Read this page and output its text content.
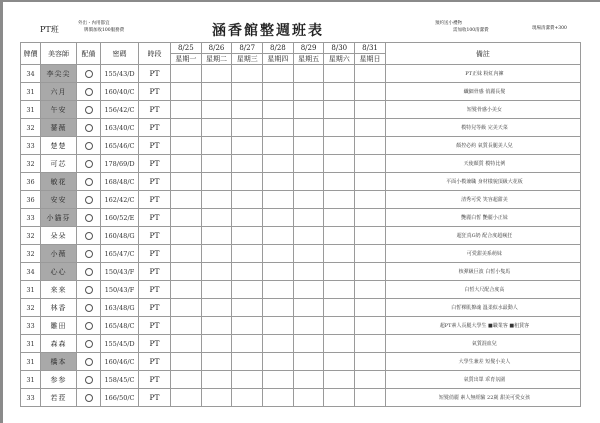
PT班
外出・內用都宜
牌價加收100服務費	涵香館整週班表	預約送小禮物
需加收100清潔費	現場清潔費+300
牌價	美容師	配備	密碼	時段	8/25	8/26	8/27	8/28	8/29	8/30	8/31	備註
					星期一	星期二	星期三	星期四	星期五	星期六	星期日	
34	李尖尖		155/43/D	PT								PT正妹 粉紅內褲
31	六月		160/40/C	PT								纖細骨感 俏麗長髮
31	午安		156/42/C	PT								短髮骨感小美女
32	薔薇		163/40/C	PT								模特兒等級 完美天菜
33	楚楚		165/46/C	PT								顏控必約 氣質長腿美人兒
32	可芯		178/69/D	PT								天使顏質 模特比例
36	敏花		168/48/C	PT								平面小模兼職 身材樣貌頂級大花板
36	安安		162/42/C	PT								清秀可愛 笑容超甜美
33	小貓芬		160/52/E	PT								艷麗白皙 艷麗小正妹
32	朵朵		160/48/G	PT								超狂真G奶 配合度超瘋狂
32	小薇		165/47/C	PT								可愛甜美系萌妹
34	心心		150/43/F	PT								核彈級巨波 白皙小隻馬
31	来来		150/43/F	PT								白皙大尺配合度高
32	林香		163/48/G	PT								白皙裸肌撩魂 溫柔似水最動人
33	雛田		165/48/C	PT								超PT素人長腿大學生 ■職業客 ■租賃客
31	森森		155/45/D	PT								氣質混血兒
31	橋本		160/46/C	PT								大學生兼差 短髮小美人
31	参参		158/45/C	PT								氣質出眾 乖育氛圍
33	若菈		166/50/C	PT								短髮俏麗 素人無經驗 22歲 甜美可愛女孩
